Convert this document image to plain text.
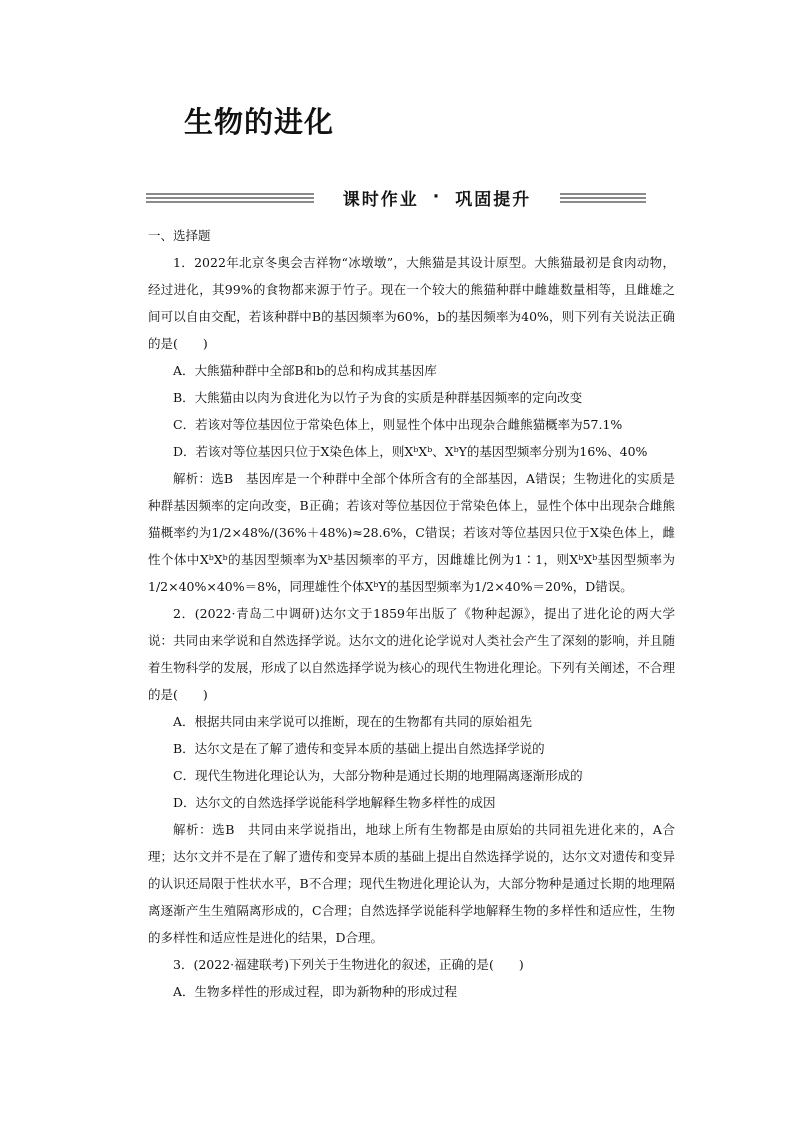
生物的进化
课时作业 · 巩固提升

一、选择题

1．2022年北京冬奥会吉祥物“冰墩墩”，大熊猫是其设计原型。大熊猫最初是食肉动物，经过进化，其99%的食物都来源于竹子。现在一个较大的熊猫种群中雌雄数量相等，且雌雄之间可以自由交配，若该种群中B的基因频率为60%，b的基因频率为40%，则下列有关说法正确的是(　　)

A．大熊猫种群中全部B和b的总和构成其基因库

B．大熊猫由以肉为食进化为以竹子为食的实质是种群基因频率的定向改变

C．若该对等位基因位于常染色体上，则显性个体中出现杂合雌熊猫概率为57.1%

D．若该对等位基因只位于X染色体上，则XᵇXᵇ、XᵇY的基因型频率分别为16%、40%

解析：选B　基因库是一个种群中全部个体所含有的全部基因，A错误；生物进化的实质是种群基因频率的定向改变，B正确；若该对等位基因位于常染色体上，显性个体中出现杂合雌熊猫概率约为1/2×48%/(36%＋48%)≈28.6%，C错误；若该对等位基因只位于X染色体上，雌性个体中XᵇXᵇ的基因型频率为Xᵇ基因频率的平方，因雌雄比例为1∶1，则XᵇXᵇ基因型频率为1/2×40%×40%＝8%，同理雄性个体XᵇY的基因型频率为1/2×40%＝20%，D错误。

2．(2022·青岛二中调研)达尔文于1859年出版了《物种起源》，提出了进化论的两大学说：共同由来学说和自然选择学说。达尔文的进化论学说对人类社会产生了深刻的影响，并且随着生物科学的发展，形成了以自然选择学说为核心的现代生物进化理论。下列有关阐述，不合理的是(　　)

A．根据共同由来学说可以推断，现在的生物都有共同的原始祖先

B．达尔文是在了解了遗传和变异本质的基础上提出自然选择学说的

C．现代生物进化理论认为，大部分物种是通过长期的地理隔离逐渐形成的

D．达尔文的自然选择学说能科学地解释生物多样性的成因

解析：选B　共同由来学说指出，地球上所有生物都是由原始的共同祖先进化来的，A合理；达尔文并不是在了解了遗传和变异本质的基础上提出自然选择学说的，达尔文对遗传和变异的认识还局限于性状水平，B不合理；现代生物进化理论认为，大部分物种是通过长期的地理隔离逐渐产生生殖隔离形成的，C合理；自然选择学说能科学地解释生物的多样性和适应性，生物的多样性和适应性是进化的结果，D合理。

3．(2022·福建联考)下列关于生物进化的叙述，正确的是(　　)

A．生物多样性的形成过程，即为新物种的形成过程
